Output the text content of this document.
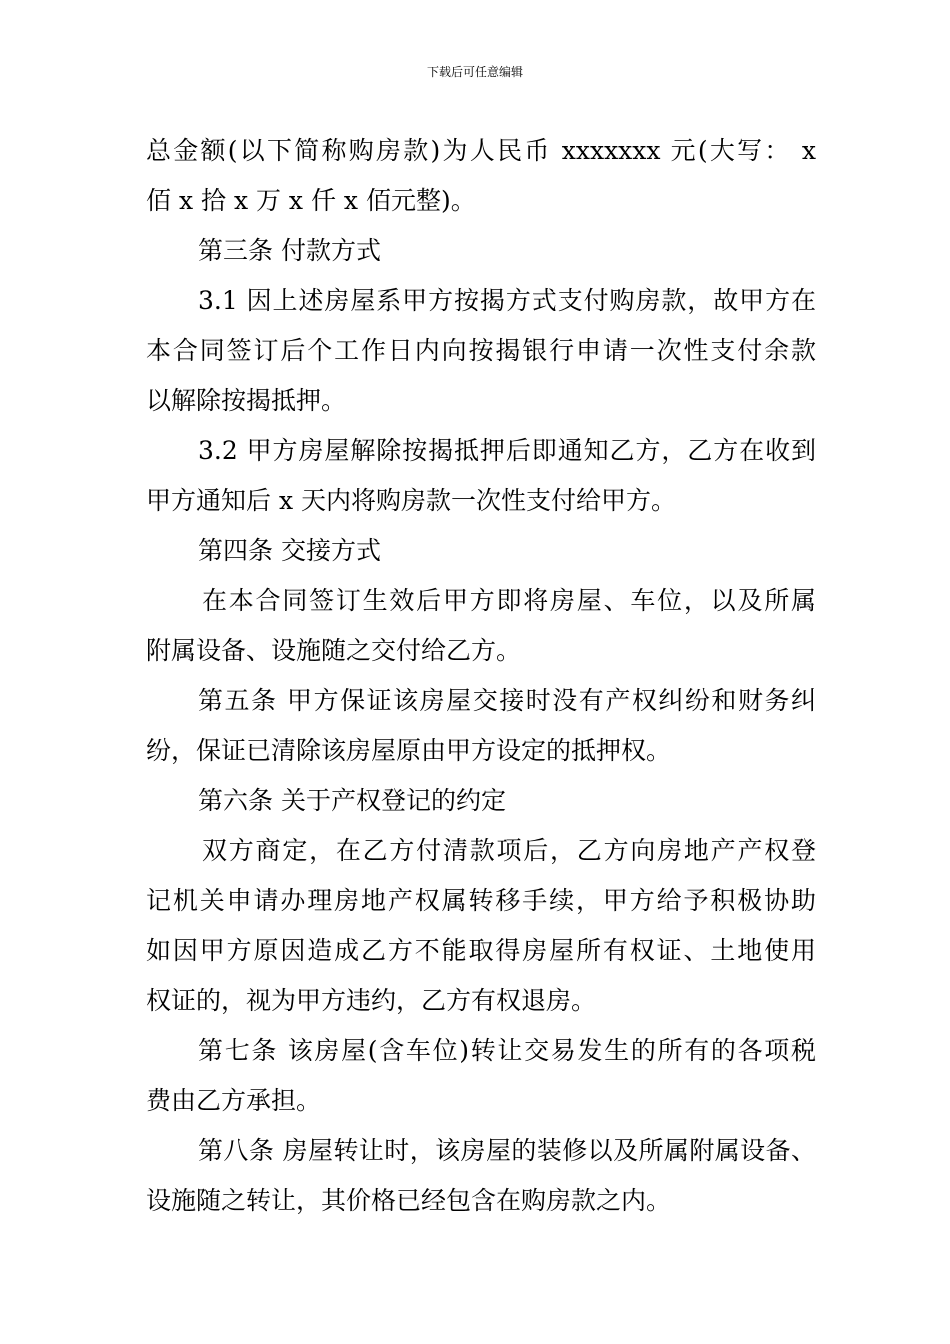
下载后可任意编辑
总金额(以下简称购房款)为人民币 xxxxxxx 元(大写： x
佰 x 拾 x 万 x 仟 x 佰元整)。
第三条 付款方式
3.1 因上述房屋系甲方按揭方式支付购房款，故甲方在
本合同签订后个工作日内向按揭银行申请一次性支付余款
以解除按揭抵押。
3.2 甲方房屋解除按揭抵押后即通知乙方，乙方在收到
甲方通知后 x 天内将购房款一次性支付给甲方。
第四条 交接方式
在本合同签订生效后甲方即将房屋、车位，以及所属
附属设备、设施随之交付给乙方。
第五条 甲方保证该房屋交接时没有产权纠纷和财务纠
纷，保证已清除该房屋原由甲方设定的抵押权。
第六条 关于产权登记的约定
双方商定，在乙方付清款项后，乙方向房地产产权登
记机关申请办理房地产权属转移手续，甲方给予积极协助
如因甲方原因造成乙方不能取得房屋所有权证、土地使用
权证的，视为甲方违约，乙方有权退房。
第七条 该房屋(含车位)转让交易发生的所有的各项税
费由乙方承担。
第八条 房屋转让时，该房屋的装修以及所属附属设备、
设施随之转让，其价格已经包含在购房款之内。
